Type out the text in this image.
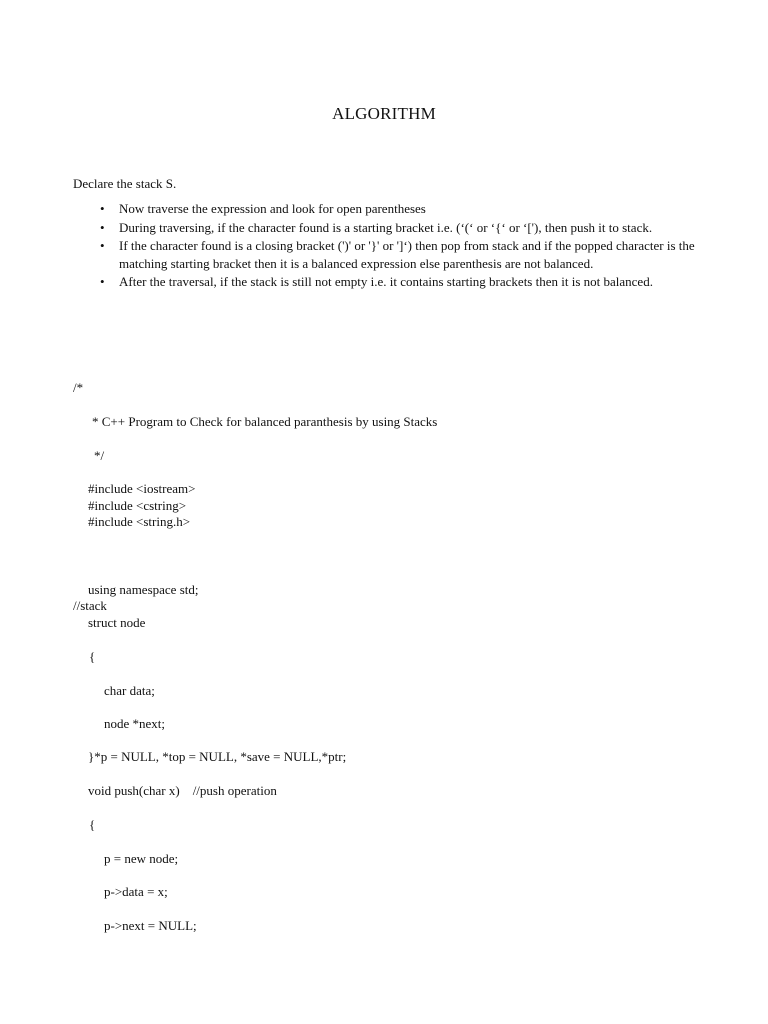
ALGORITHM
Declare the stack S.
• Now traverse the expression and look for open parentheses
• During traversing, if the character found is a starting bracket i.e. (‘(‘ or ‘{‘ or ‘['), then push it to stack.
• If the character found is a closing bracket (')' or '}' or ']‘) then pop from stack and if the popped character is the matching starting bracket then it is a balanced expression else parenthesis are not balanced.
• After the traversal, if the stack is still not empty i.e. it contains starting brackets then it is not balanced.
/*
* C++ Program to Check for balanced paranthesis by using Stacks
*/
#include <iostream>
#include <cstring>
#include <string.h>
using namespace std;
//stack
struct node
{
char data;
node *next;
}*p = NULL, *top = NULL, *save = NULL,*ptr;
void push(char x)    //push operation
{
p = new node;
p->data = x;
p->next = NULL;
